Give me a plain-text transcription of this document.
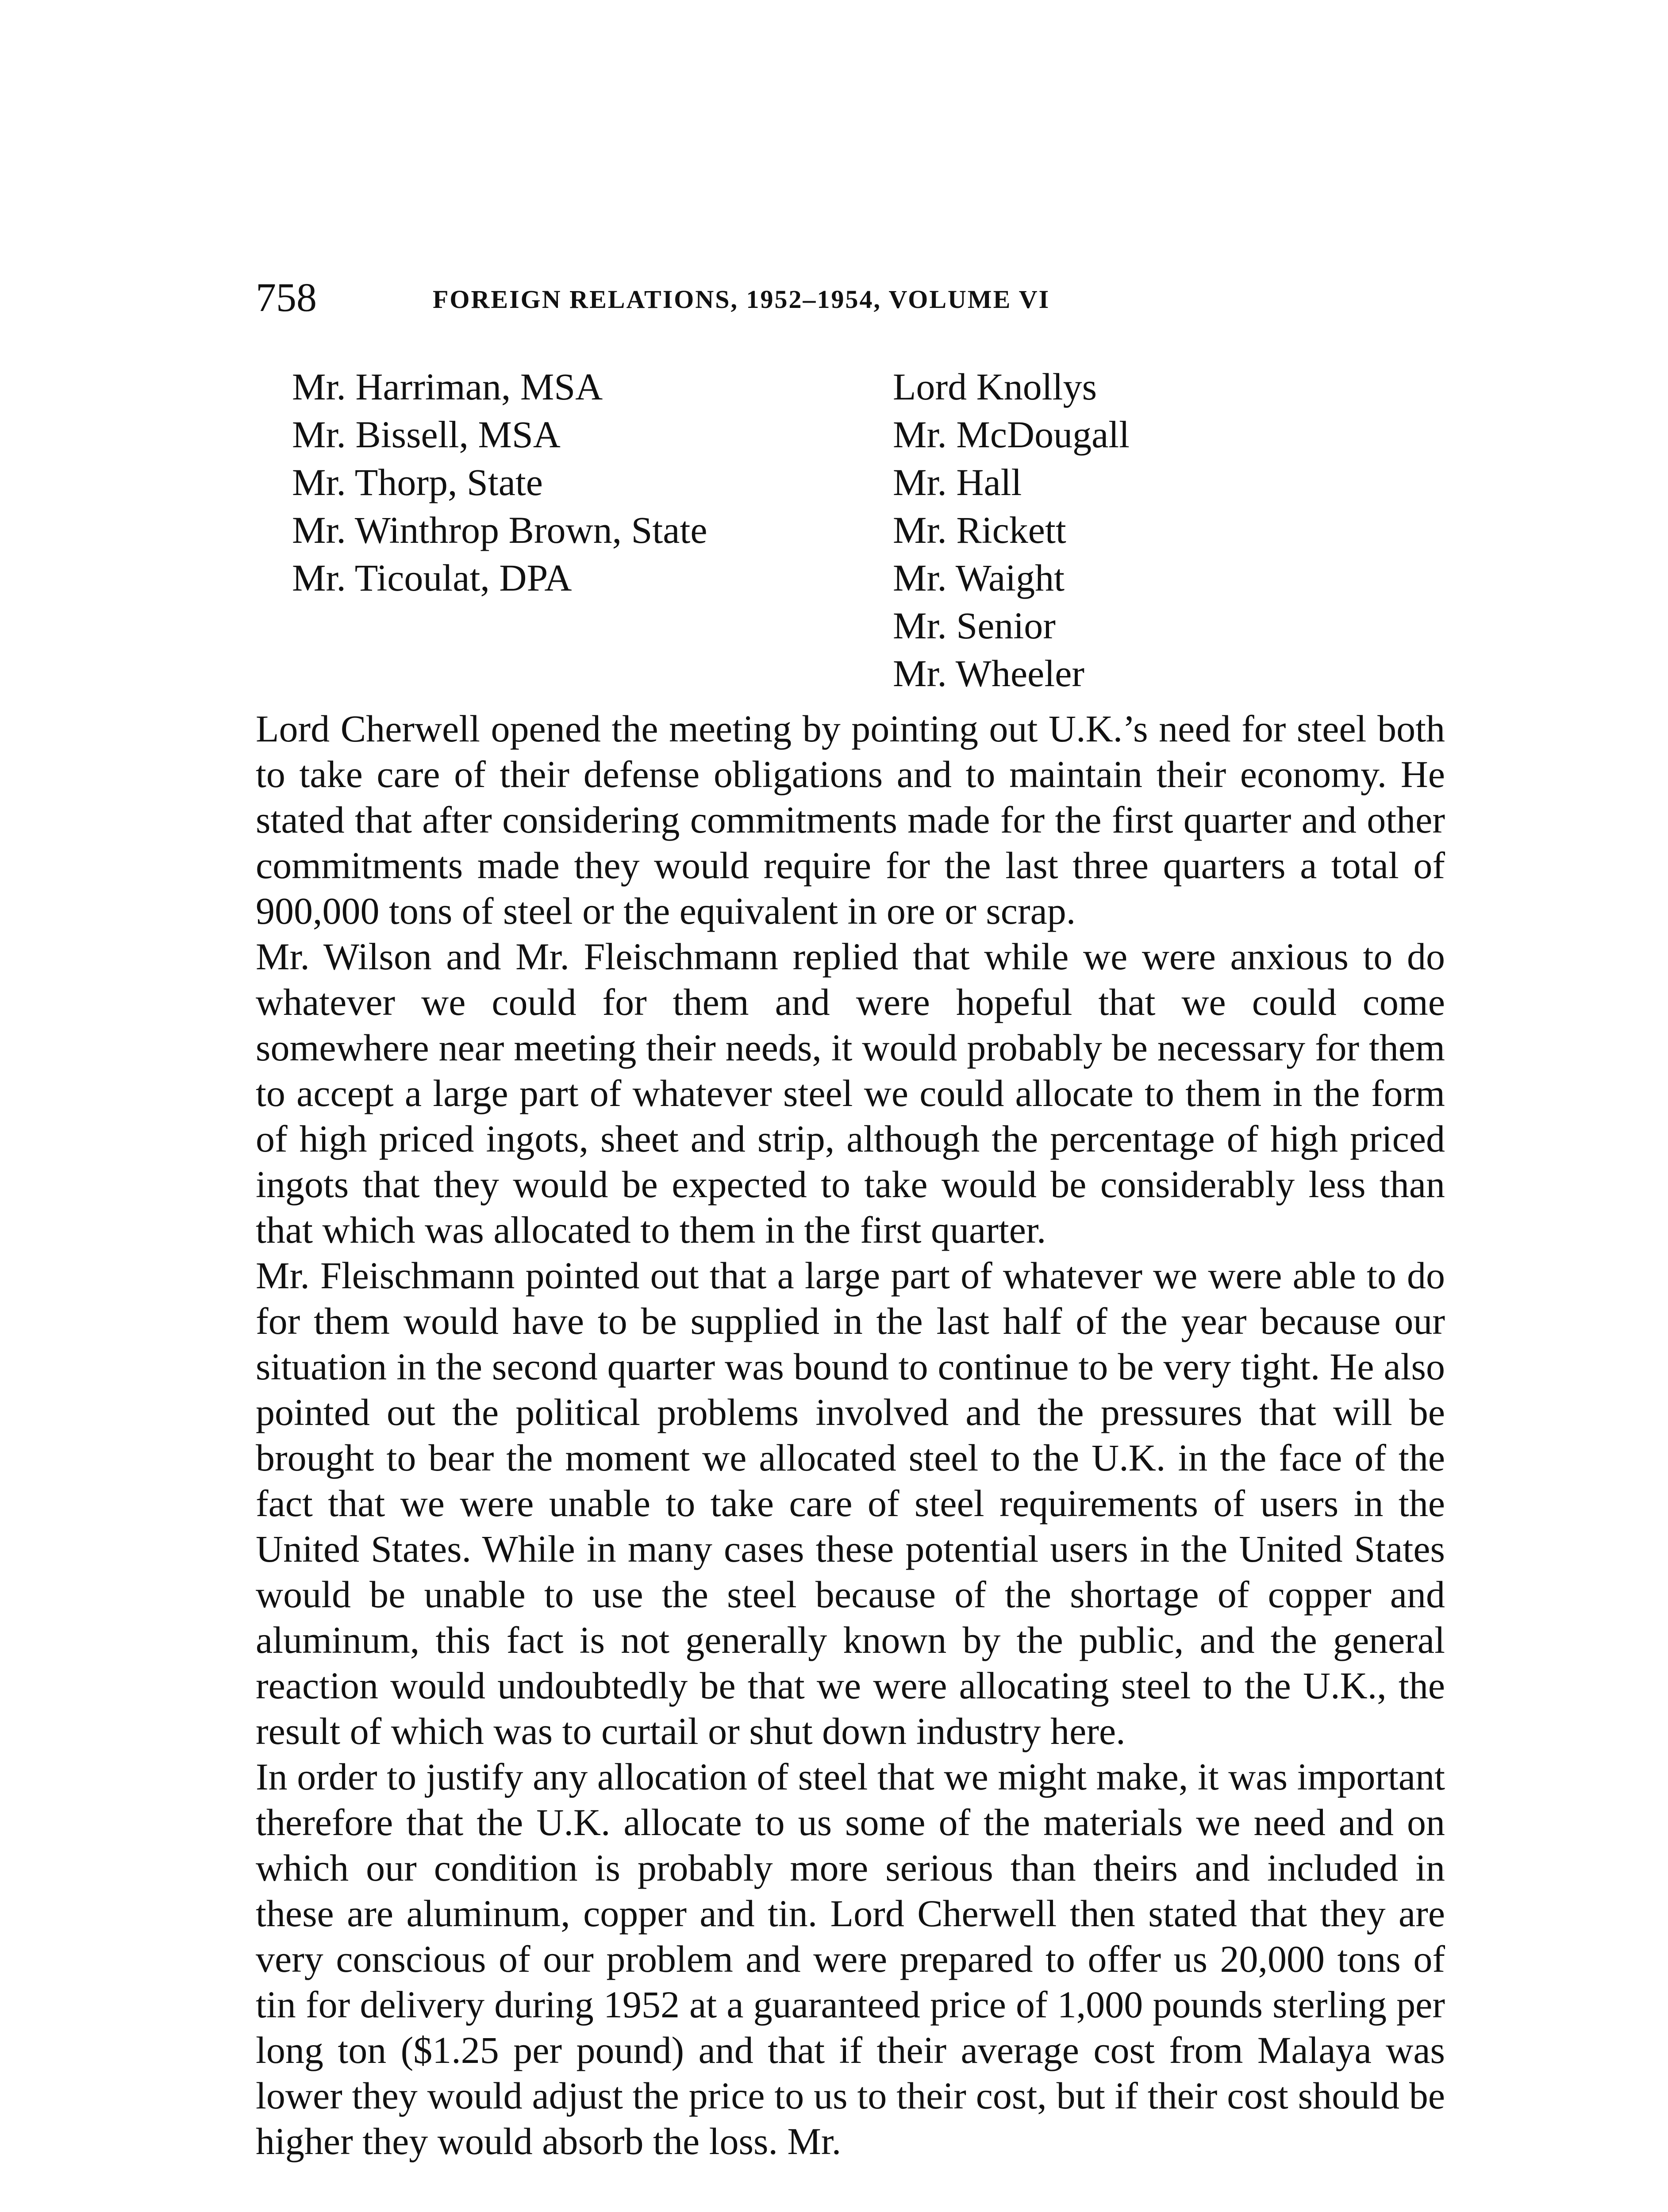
758	FOREIGN RELATIONS, 1952–1954, VOLUME VI
Mr. Harriman, MSA
Mr. Bissell, MSA
Mr. Thorp, State
Mr. Winthrop Brown, State
Mr. Ticoulat, DPA
Lord Knollys
Mr. McDougall
Mr. Hall
Mr. Rickett
Mr. Waight
Mr. Senior
Mr. Wheeler

Lord Cherwell opened the meeting by pointing out U.K.’s need for steel both to take care of their defense obligations and to maintain their economy. He stated that after considering commitments made for the first quarter and other commitments made they would require for the last three quarters a total of 900,000 tons of steel or the equivalent in ore or scrap.

Mr. Wilson and Mr. Fleischmann replied that while we were anxious to do whatever we could for them and were hopeful that we could come somewhere near meeting their needs, it would probably be necessary for them to accept a large part of whatever steel we could allocate to them in the form of high priced ingots, sheet and strip, although the percentage of high priced ingots that they would be expected to take would be considerably less than that which was allocated to them in the first quarter.

Mr. Fleischmann pointed out that a large part of whatever we were able to do for them would have to be supplied in the last half of the year because our situation in the second quarter was bound to continue to be very tight. He also pointed out the political problems involved and the pressures that will be brought to bear the moment we allocated steel to the U.K. in the face of the fact that we were unable to take care of steel requirements of users in the United States. While in many cases these potential users in the United States would be unable to use the steel because of the shortage of copper and aluminum, this fact is not generally known by the public, and the general reaction would undoubtedly be that we were allocating steel to the U.K., the result of which was to curtail or shut down industry here.

In order to justify any allocation of steel that we might make, it was important therefore that the U.K. allocate to us some of the materials we need and on which our condition is probably more serious than theirs and included in these are aluminum, copper and tin. Lord Cherwell then stated that they are very conscious of our problem and were prepared to offer us 20,000 tons of tin for delivery during 1952 at a guaranteed price of 1,000 pounds sterling per long ton ($1.25 per pound) and that if their average cost from Malaya was lower they would adjust the price to us to their cost, but if their cost should be higher they would absorb the loss. Mr.
